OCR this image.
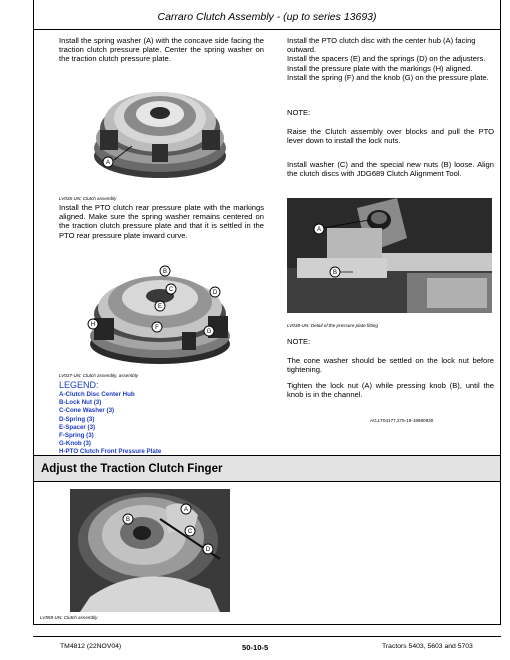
Carraro Clutch Assembly - (up to series 13693)

Install the spring washer (A) with the concave side facing the traction clutch pressure plate. Center the spring washer on the traction clutch pressure plate.

A
LV036-UN: Clutch assembly

Install the PTO clutch rear pressure plate with the markings aligned. Make sure the spring washer remains centered on the traction clutch pressure plate and that it is settled in the PTO rear pressure plate inward curve.

B
C	D
E
F
G
H
LV037-UN: Clutch assembly, assembly
LEGEND:
A-Clutch Disc Center Hub
B-Lock Nut (3)
C-Cone Washer (3)
D-Spring (3)
E-Spacer (3)
F-Spring (3)
G-Knob (3)
H-PTO Clutch Front Pressure Plate
Install the PTO clutch disc with the center hub (A) facing outward.
Install the spacers (E) and the springs (D) on the adjusters.
Install the pressure plate with the markings (H) aligned.
Install the spring (F) and the knob (G) on the pressure plate.
NOTE:

Raise the Clutch assembly over blocks and pull the PTO lever down to install the lock nuts.

Install washer (C) and the special new nuts (B) loose. Align the clutch discs with JDG689 Clutch Alignment Tool.

A
B
LV038-UN: Detail of the pressure plate fitting
NOTE:

The cone washer should be settled on the lock nut before tightening.

Tighten the lock nut (A) while pressing knob (B), until the knob is in the channel.

AG,LT04177,275-19-19980930
Adjust the Traction Clutch Finger
A
B
C
D
LV559-UN: Clutch assembly
TM4812 (22NOV04)	50-10-5	Tractors 5403, 5603 and 5703
